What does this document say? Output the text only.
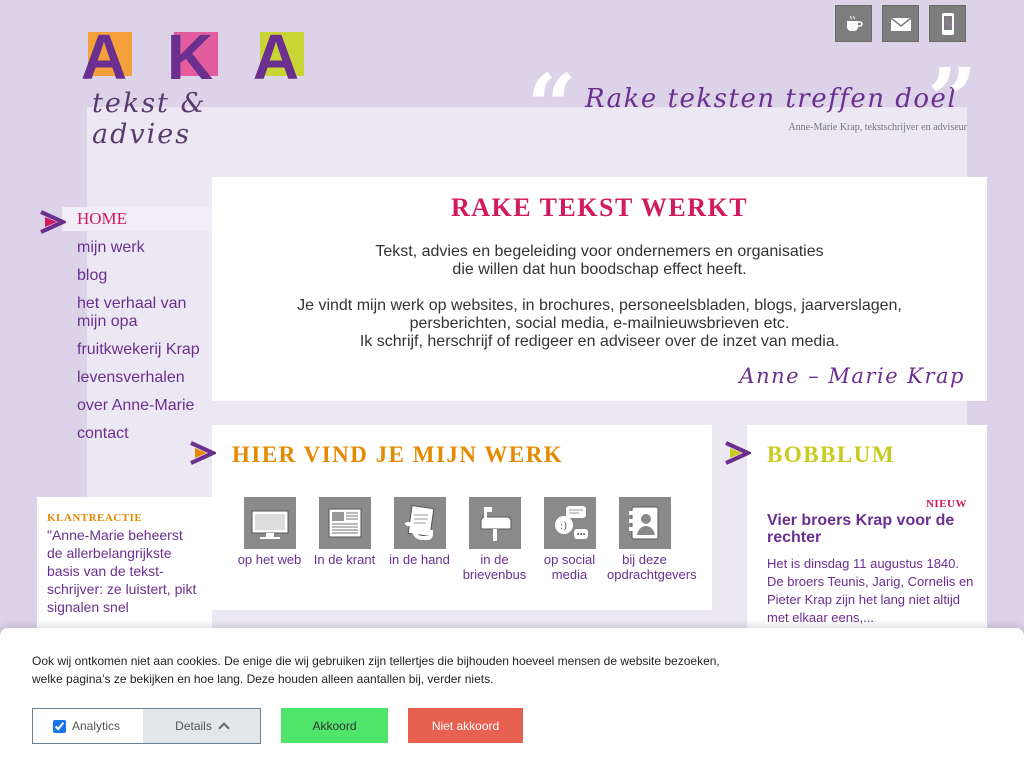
A K A
tekst & advies	“ Rake teksten treffen doel
”
Anne-Marie Krap, tekstschrijver en adviseur
HOME
mijn werk
blog
het verhaal van mijn opa
fruitkwekerij Krap
levensverhalen
over Anne-Marie
contact
KLANTREACTIE
"Anne-Marie beheerst de allerbelangrijkste basis van de tekst-schrijver: ze luistert, pikt signalen snel
RAKE TEKST WERKT
Tekst, advies en begeleiding voor ondernemers en organisaties
die willen dat hun boodschap effect heeft.
Je vindt mijn werk op websites, in brochures, personeelsbladen, blogs, jaarverslagen,
persberichten, social media, e-mailnieuwsbrieven etc.
Ik schrijf, herschrijf of redigeer en adviseer over de inzet van media.
Anne – Marie Krap
HIER VIND JE MIJN WERK
op het web In de krant	in de hand	in de brievenbus
:)
op social media
bij deze opdrachtgevers
BOBBLUM
NIEUW
Vier broers Krap voor de rechter
Het is dinsdag 11 augustus 1840. De broers Teunis, Jarig, Cornelis en Pieter Krap zijn het lang niet altijd met elkaar eens,...
Ook wij ontkomen niet aan cookies. De enige die wij gebruiken zijn tellertjes die bijhouden hoeveel mensen de website bezoeken, welke pagina’s ze bekijken en hoe lang. Deze houden alleen aantallen bij, verder niets.
Analytics	Details	Akkoord	Niet akkoord
